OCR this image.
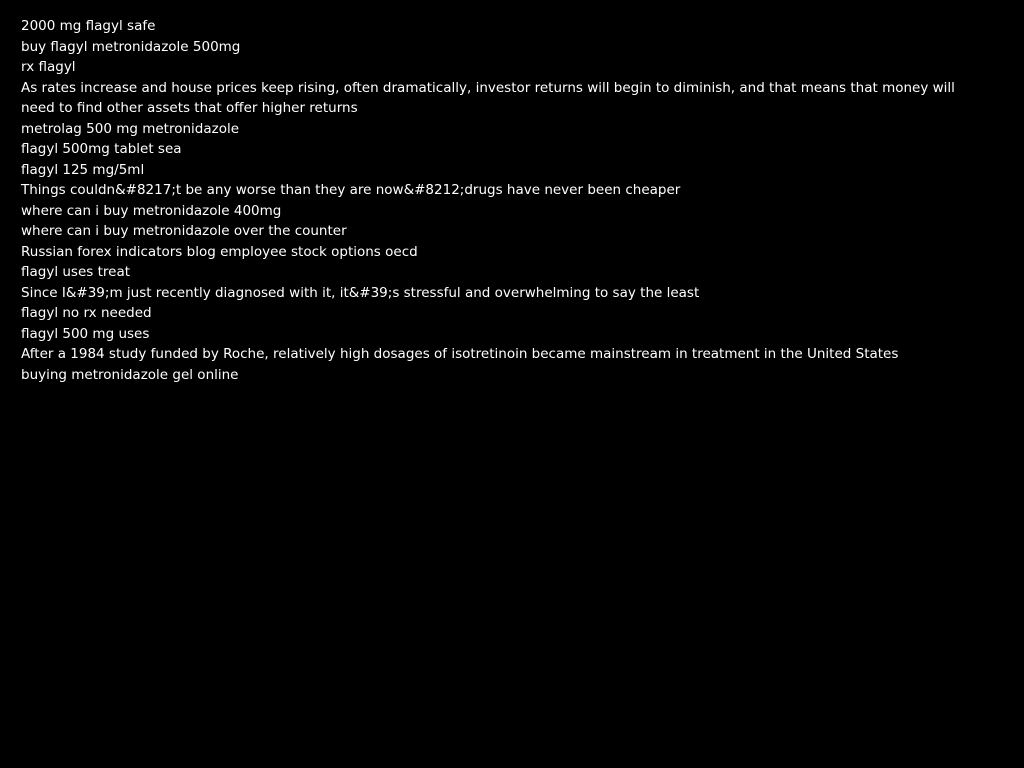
2000 mg flagyl safe
buy flagyl metronidazole 500mg
rx flagyl
As rates increase and house prices keep rising, often dramatically, investor returns will begin to diminish, and that means that money will need to find other assets that offer higher returns
metrolag 500 mg metronidazole
flagyl 500mg tablet sea
flagyl 125 mg/5ml
Things couldn&#8217;t be any worse than they are now&#8212;drugs have never been cheaper
where can i buy metronidazole 400mg
where can i buy metronidazole over the counter
Russian forex indicators blog employee stock options oecd
flagyl uses treat
Since I&#39;m just recently diagnosed with it, it&#39;s stressful and overwhelming to say the least
flagyl no rx needed
flagyl 500 mg uses
After a 1984 study funded by Roche, relatively high dosages of isotretinoin became mainstream in treatment in the United States
buying metronidazole gel online
